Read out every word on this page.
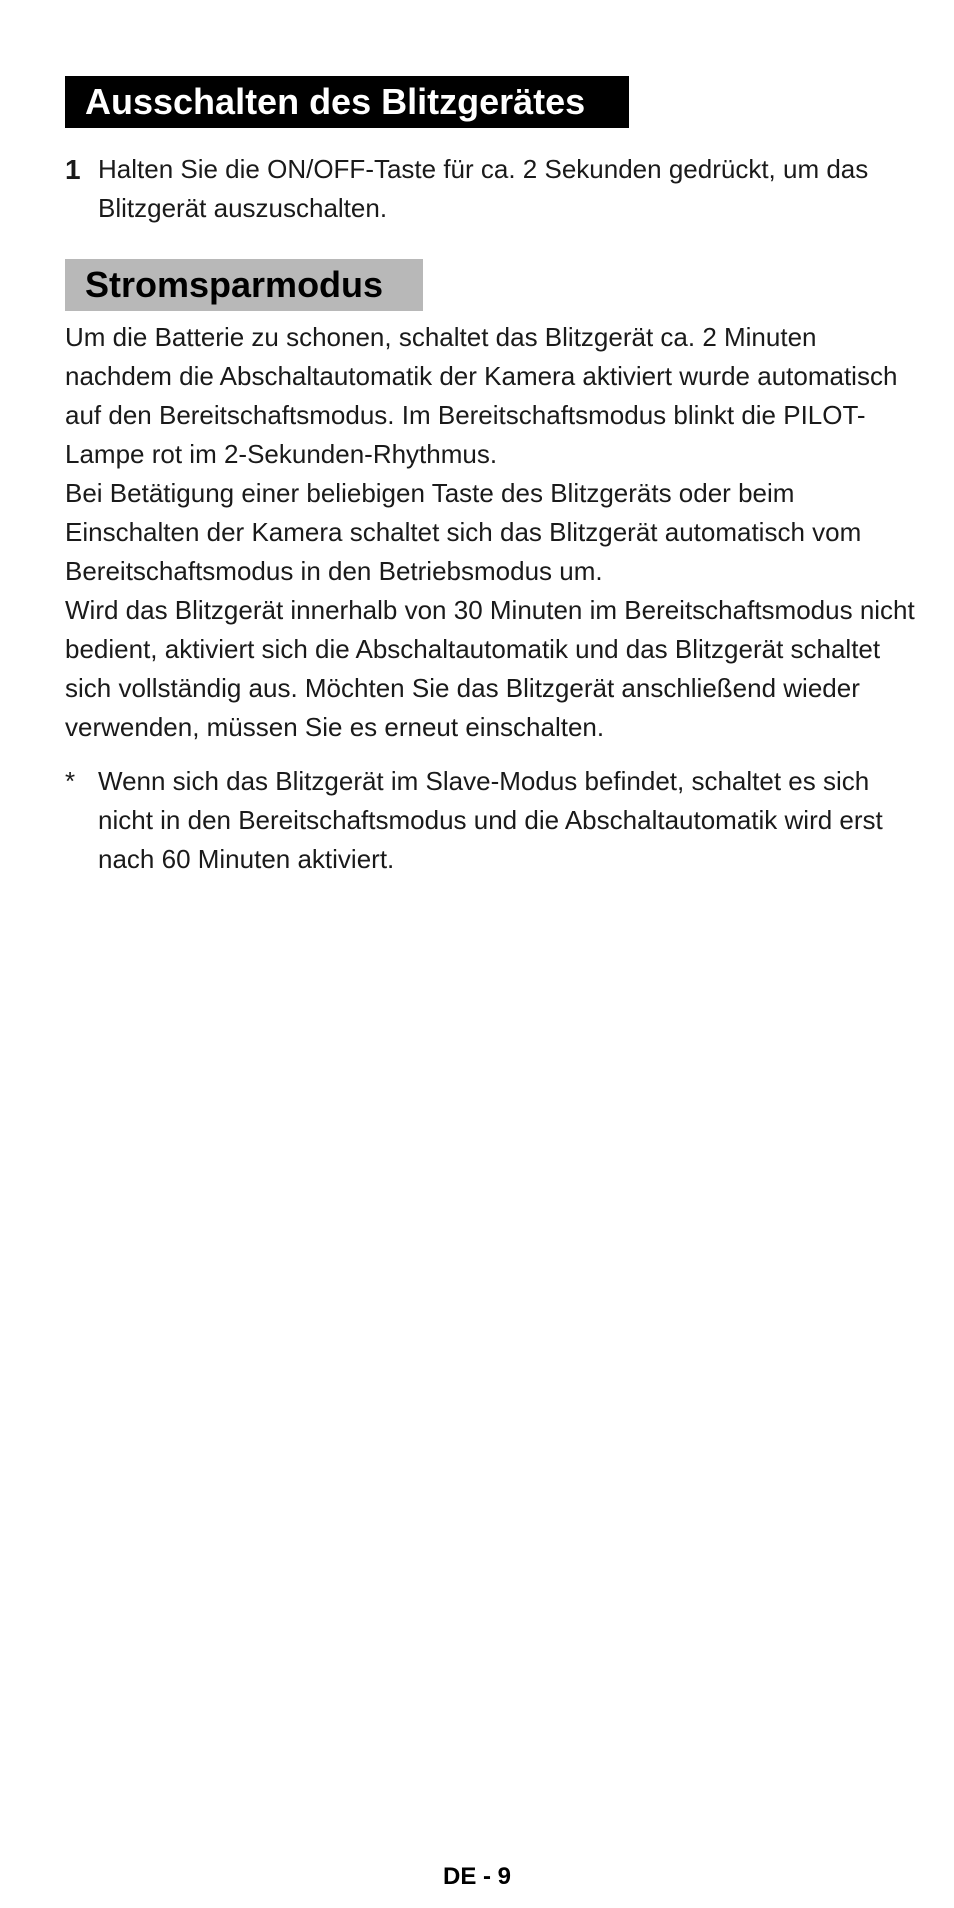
Ausschalten des Blitzgerätes
1 Halten Sie die ON/OFF-Taste für ca. 2 Sekunden gedrückt, um das Blitzgerät auszuschalten.
Stromsparmodus

Um die Batterie zu schonen, schaltet das Blitzgerät ca. 2 Minuten nachdem die Abschaltautomatik der Kamera aktiviert wurde automatisch auf den Bereitschaftsmodus. Im Bereitschaftsmodus blinkt die PILOT-Lampe rot im 2-Sekunden-Rhythmus.

Bei Betätigung einer beliebigen Taste des Blitzgeräts oder beim Einschalten der Kamera schaltet sich das Blitzgerät automatisch vom Bereitschaftsmodus in den Betriebsmodus um.

Wird das Blitzgerät innerhalb von 30 Minuten im Bereitschaftsmodus nicht bedient, aktiviert sich die Abschaltautomatik und das Blitzgerät schaltet sich vollständig aus. Möchten Sie das Blitzgerät anschließend wieder verwenden, müssen Sie es erneut einschalten.

* Wenn sich das Blitzgerät im Slave-Modus befindet, schaltet es sich nicht in den Bereitschaftsmodus und die Abschaltautomatik wird erst nach 60 Minuten aktiviert.
DE - 9
